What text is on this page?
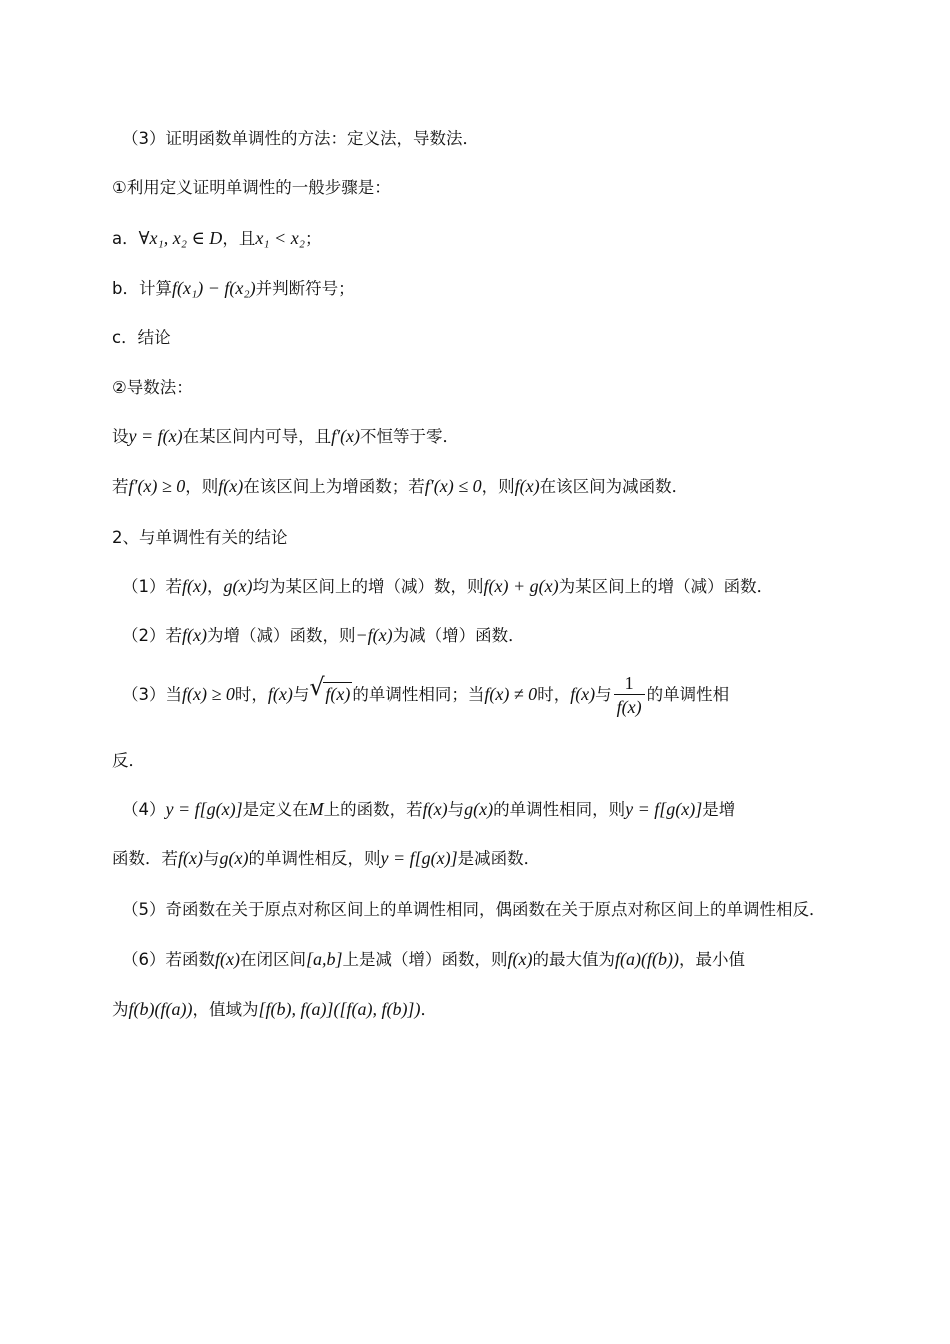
（3）证明函数单调性的方法：定义法，导数法．
①利用定义证明单调性的一般步骤是：
a．∀x₁, x₂ ∈ D，且x₁ < x₂；
b．计算f(x₁) − f(x₂)并判断符号；
c．结论
②导数法：
设y = f(x)在某区间内可导，且f′(x)不恒等于零．
若f′(x) ≥ 0，则f(x)在该区间上为增函数；若f′(x) ≤ 0，则f(x)在该区间为减函数．
2、与单调性有关的结论
（1）若f(x)，g(x)均为某区间上的增（减）数，则f(x) + g(x)为某区间上的增（减）函数．
（2）若f(x)为增（减）函数，则−f(x)为减（增）函数．
（3）当f(x) ≥ 0时，f(x)与 √ f(x) 的单调性相同；当f(x) ≠ 0时，f(x)与 $\frac{1}{f(x)}$ 的单调性相
反．
（4）y = f[g(x)]是定义在M上的函数，若f(x)与g(x)的单调性相同，则y = f[g(x)]是增
函数．若f(x)与g(x)的单调性相反，则y = f[g(x)]是减函数．
（5）奇函数在关于原点对称区间上的单调性相同，偶函数在关于原点对称区间上的单调性相反．
（6）若函数f(x)在闭区间[a,b]上是减（增）函数，则f(x)的最大值为f(a)(f(b))，最小值
为f(b)(f(a))，值域为[f(b), f(a)]([f(a), f(b)])．
